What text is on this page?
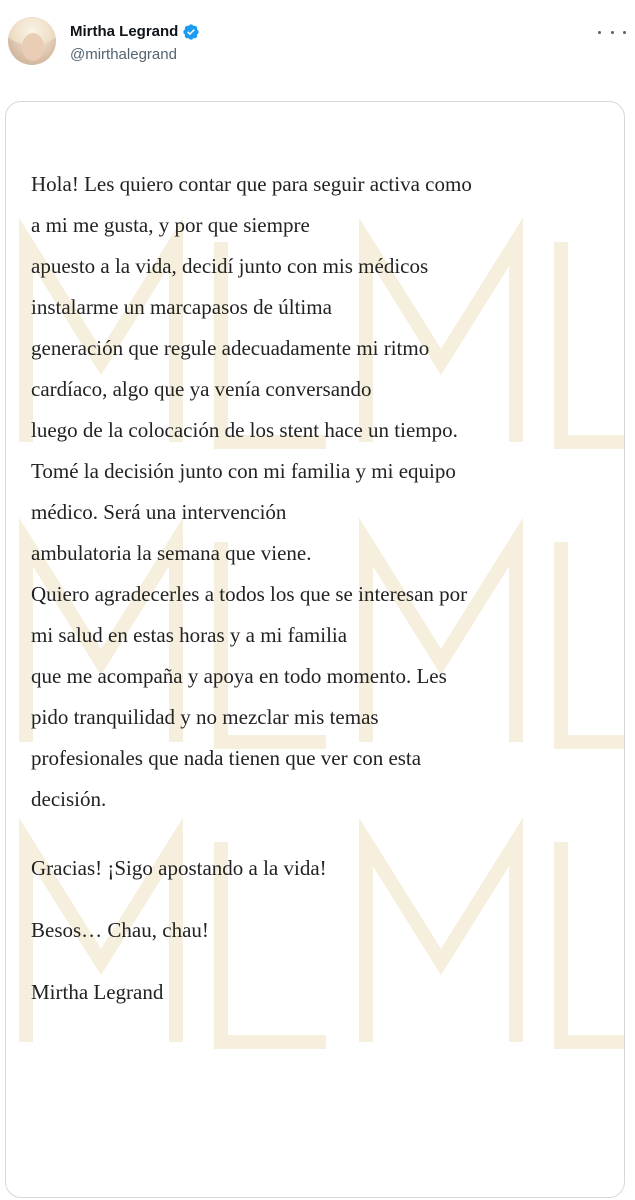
Mirtha Legrand
@mirthalegrand
Hola! Les quiero contar que para seguir activa como
a mi me gusta, y por que siempre
apuesto a la vida, decidí junto con mis médicos
instalarme un marcapasos de última
generación que regule adecuadamente mi ritmo
cardíaco, algo que ya venía conversando
luego de la colocación de los stent hace un tiempo.
Tomé la decisión junto con mi familia y mi equipo
médico. Será una intervención
ambulatoria la semana que viene.
Quiero agradecerles a todos los que se interesan por
mi salud en estas horas y a mi familia
que me acompaña y apoya en todo momento. Les
pido tranquilidad y no mezclar mis temas
profesionales que nada tienen que ver con esta
decisión.
Gracias! ¡Sigo apostando a la vida!
Besos… Chau, chau!
Mirtha Legrand
